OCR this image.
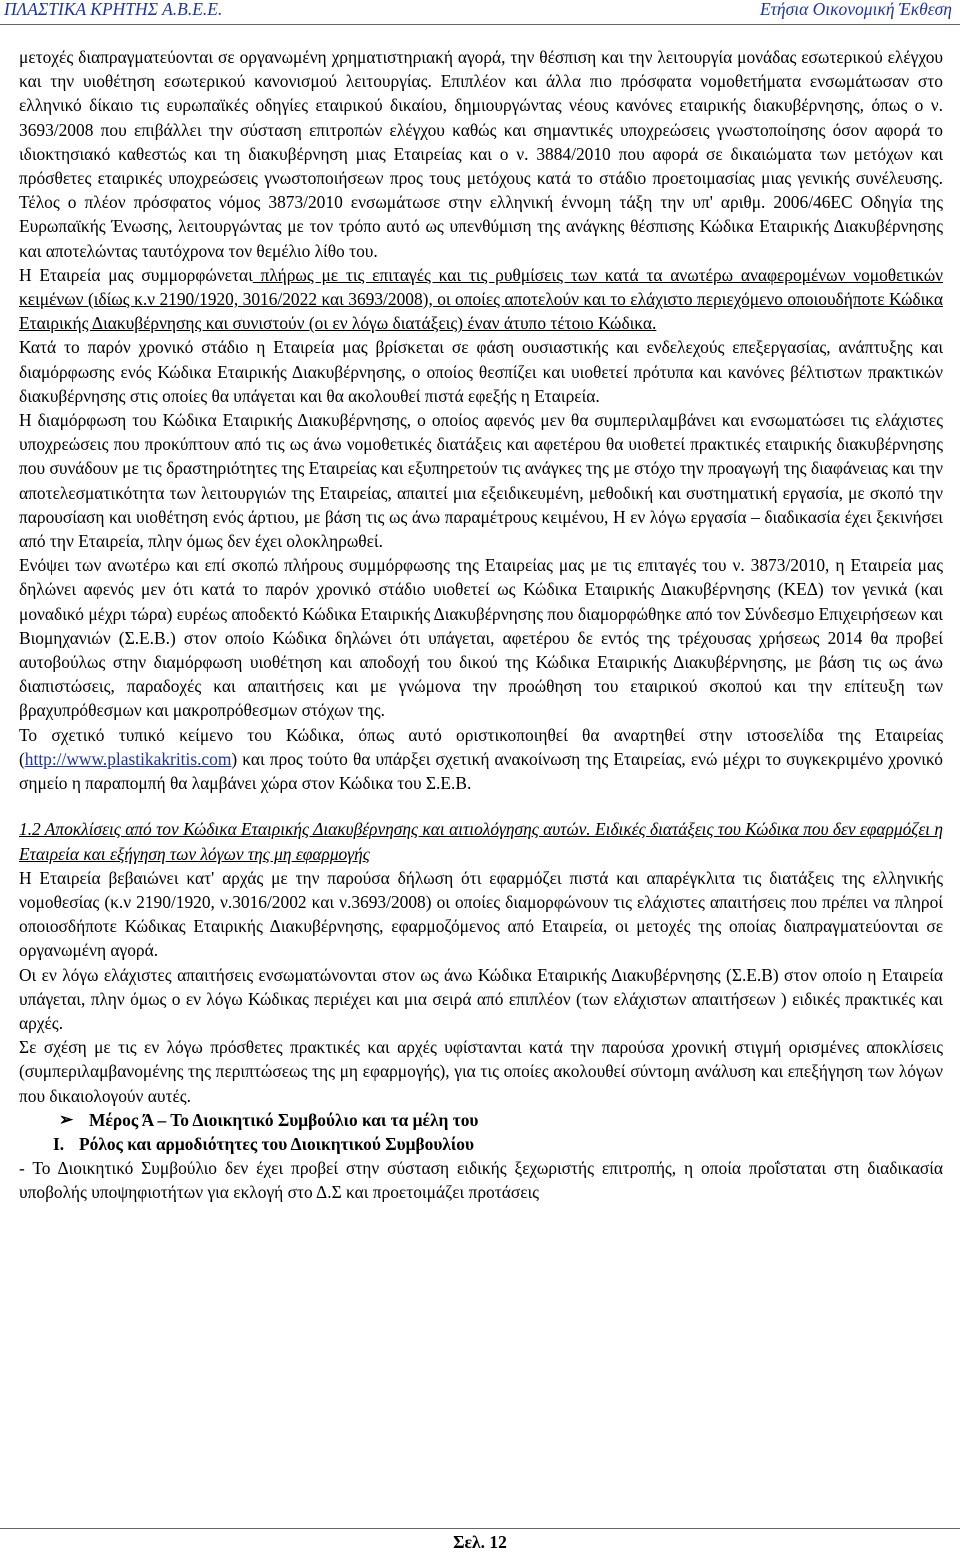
ΠΛΑΣΤΙΚΑ ΚΡΗΤΗΣ Α.Β.Ε.Ε.	Ετήσια Οικονομική Έκθεση

μετοχές διαπραγματεύονται σε οργανωμένη χρηματιστηριακή αγορά, την θέσπιση και την λειτουργία μονάδας εσωτερικού ελέγχου και την υιοθέτηση εσωτερικού κανονισμού λειτουργίας. Επιπλέον και άλλα πιο πρόσφατα νομοθετήματα ενσωμάτωσαν στο ελληνικό δίκαιο τις ευρωπαϊκές οδηγίες εταιρικού δικαίου, δημιουργώντας νέους κανόνες εταιρικής διακυβέρνησης, όπως ο ν. 3693/2008 που επιβάλλει την σύσταση επιτροπών ελέγχου καθώς και σημαντικές υποχρεώσεις γνωστοποίησης όσον αφορά το ιδιοκτησιακό καθεστώς και τη διακυβέρνηση μιας Εταιρείας και ο ν. 3884/2010 που αφορά σε δικαιώματα των μετόχων και πρόσθετες εταιρικές υποχρεώσεις γνωστοποιήσεων προς τους μετόχους κατά το στάδιο προετοιμασίας μιας γενικής συνέλευσης. Τέλος ο πλέον πρόσφατος νόμος 3873/2010 ενσωμάτωσε στην ελληνική έννομη τάξη την υπ' αριθμ. 2006/46ΕC Οδηγία της Ευρωπαϊκής Ένωσης, λειτουργώντας με τον τρόπο αυτό ως υπενθύμιση της ανάγκης θέσπισης Κώδικα Εταιρικής Διακυβέρνησης και αποτελώντας ταυτόχρονα τον θεμέλιο λίθο του.

Η Εταιρεία μας συμμορφώνεται πλήρως με τις επιταγές και τις ρυθμίσεις των κατά τα ανωτέρω αναφερομένων νομοθετικών κειμένων (ιδίως κ.ν 2190/1920, 3016/2022 και 3693/2008), οι οποίες αποτελούν και το ελάχιστο περιεχόμενο οποιουδήποτε Κώδικα Εταιρικής Διακυβέρνησης και συνιστούν (οι εν λόγω διατάξεις) έναν άτυπο τέτοιο Κώδικα.

Κατά το παρόν χρονικό στάδιο η Εταιρεία μας βρίσκεται σε φάση ουσιαστικής και ενδελεχούς επεξεργασίας, ανάπτυξης και διαμόρφωσης ενός Κώδικα Εταιρικής Διακυβέρνησης, ο οποίος θεσπίζει και υιοθετεί πρότυπα και κανόνες βέλτιστων πρακτικών διακυβέρνησης στις οποίες θα υπάγεται και θα ακολουθεί πιστά εφεξής η Εταιρεία.

Η διαμόρφωση του Κώδικα Εταιρικής Διακυβέρνησης, ο οποίος αφενός μεν θα συμπεριλαμβάνει και ενσωματώσει τις ελάχιστες υποχρεώσεις που προκύπτουν από τις ως άνω νομοθετικές διατάξεις και αφετέρου θα υιοθετεί πρακτικές εταιρικής διακυβέρνησης που συνάδουν με τις δραστηριότητες της Εταιρείας και εξυπηρετούν τις ανάγκες της με στόχο την προαγωγή της διαφάνειας και την αποτελεσματικότητα των λειτουργιών της Εταιρείας, απαιτεί μια εξειδικευμένη, μεθοδική και συστηματική εργασία, με σκοπό την παρουσίαση και υιοθέτηση ενός άρτιου, με βάση τις ως άνω παραμέτρους κειμένου, Η εν λόγω εργασία – διαδικασία έχει ξεκινήσει από την Εταιρεία, πλην όμως δεν έχει ολοκληρωθεί.

Ενόψει των ανωτέρω και επί σκοπώ πλήρους συμμόρφωσης της Εταιρείας μας με τις επιταγές του ν. 3873/2010, η Εταιρεία μας δηλώνει αφενός μεν ότι κατά το παρόν χρονικό στάδιο υιοθετεί ως Κώδικα Εταιρικής Διακυβέρνησης (ΚΕΔ) τον γενικά (και μοναδικό μέχρι τώρα) ευρέως αποδεκτό Κώδικα Εταιρικής Διακυβέρνησης που διαμορφώθηκε από τον Σύνδεσμο Επιχειρήσεων και Βιομηχανιών (Σ.Ε.Β.) στον οποίο Κώδικα δηλώνει ότι υπάγεται, αφετέρου δε εντός της τρέχουσας χρήσεως 2014 θα προβεί αυτοβούλως στην διαμόρφωση υιοθέτηση και αποδοχή του δικού της Κώδικα Εταιρικής Διακυβέρνησης, με βάση τις ως άνω διαπιστώσεις, παραδοχές και απαιτήσεις και με γνώμονα την προώθηση του εταιρικού σκοπού και την επίτευξη των βραχυπρόθεσμων και μακροπρόθεσμων στόχων της.

Το σχετικό τυπικό κείμενο του Κώδικα, όπως αυτό οριστικοποιηθεί θα αναρτηθεί στην ιστοσελίδα της Εταιρείας (http://www.plastikakritis.com) και προς τούτο θα υπάρξει σχετική ανακοίνωση της Εταιρείας, ενώ μέχρι το συγκεκριμένο χρονικό σημείο η παραπομπή θα λαμβάνει χώρα στον Κώδικα του Σ.Ε.Β.

1.2 Αποκλίσεις από τον Κώδικα Εταιρικής Διακυβέρνησης και αιτιολόγησης αυτών. Ειδικές διατάξεις του Κώδικα που δεν εφαρμόζει η Εταιρεία και εξήγηση των λόγων της μη εφαρμογής

Η Εταιρεία βεβαιώνει κατ' αρχάς με την παρούσα δήλωση ότι εφαρμόζει πιστά και απαρέγκλιτα τις διατάξεις της ελληνικής νομοθεσίας (κ.ν 2190/1920, ν.3016/2002 και ν.3693/2008) οι οποίες διαμορφώνουν τις ελάχιστες απαιτήσεις που πρέπει να πληροί οποιοσδήποτε Κώδικας Εταιρικής Διακυβέρνησης, εφαρμοζόμενος από Εταιρεία, οι μετοχές της οποίας διαπραγματεύονται σε οργανωμένη αγορά.

Οι εν λόγω ελάχιστες απαιτήσεις ενσωματώνονται στον ως άνω Κώδικα Εταιρικής Διακυβέρνησης (Σ.Ε.Β) στον οποίο η Εταιρεία υπάγεται, πλην όμως ο εν λόγω Κώδικας περιέχει και μια σειρά από επιπλέον (των ελάχιστων απαιτήσεων ) ειδικές πρακτικές και αρχές.

Σε σχέση με τις εν λόγω πρόσθετες πρακτικές και αρχές υφίστανται κατά την παρούσα χρονική στιγμή ορισμένες αποκλίσεις (συμπεριλαμβανομένης της περιπτώσεως της μη εφαρμογής), για τις οποίες ακολουθεί σύντομη ανάλυση και επεξήγηση των λόγων που δικαιολογούν αυτές.

➢ Μέρος Ά – Το Διοικητικό Συμβούλιο και τα μέλη του

I. Ρόλος και αρμοδιότητες του Διοικητικού Συμβουλίου

- Το Διοικητικό Συμβούλιο δεν έχει προβεί στην σύσταση ειδικής ξεχωριστής επιτροπής, η οποία προΐσταται στη διαδικασία υποβολής υποψηφιοτήτων για εκλογή στο Δ.Σ και προετοιμάζει προτάσεις

Σελ. 12
